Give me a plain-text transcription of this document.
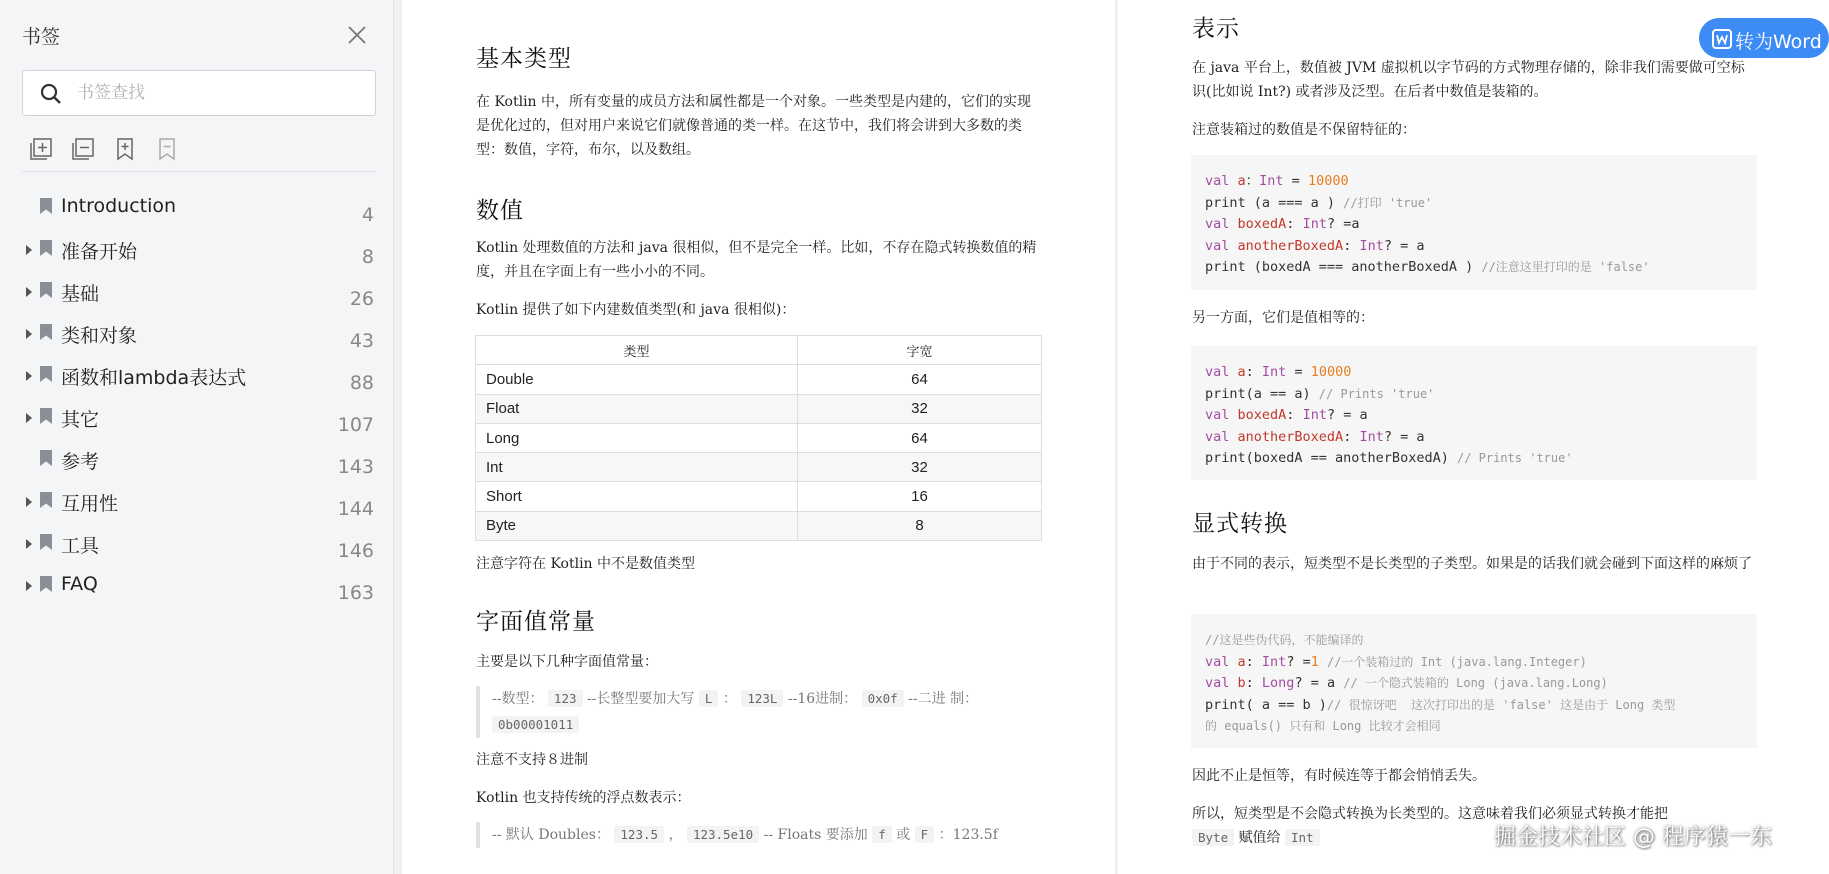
书签
书签查找
Introduction	4
准备开始	8
基础	26
类和对象	43
函数和lambda表达式	88
其它	107
参考	143
互用性	144
工具	146
FAQ	163
基本类型
在 Kotlin 中，所有变量的成员方法和属性都是一个对象。一些类型是内建的，它们的实现是优化过的，但对用户来说它们就像普通的类一样。在这节中，我们将会讲到大多数的类型：数值，字符，布尔，以及数组。
数值
Kotlin 处理数值的方法和 java 很相似，但不是完全一样。比如，不存在隐式转换数值的精度，并且在字面上有一些小小的不同。
Kotlin 提供了如下内建数值类型(和 java 很相似)：
类型	字宽
Double	64
Float	32
Long	64
Int	32
Short	16
Byte	8
注意字符在 Kotlin 中不是数值类型
字面值常量
主要是以下几种字面值常量：
--数型： 123 --长整型要加大写 L ： 123L --16进制： 0x0f --二进 制： 0b00001011
注意不支持８进制
Kotlin 也支持传统的浮点数表示：
-- 默认 Doubles： 123.5 ， 123.5e10 -- Floats 要添加 f 或 F ：123.5f
表示
在 java 平台上，数值被 JVM 虚拟机以字节码的方式物理存储的，除非我们需要做可空标识(比如说 Int?) 或者涉及泛型。在后者中数值是装箱的。
注意装箱过的数值是不保留特征的：
val a：Int = 10000
print (a === a ) //打印 'true'
val boxedA: Int? =a
val anotherBoxedA: Int? = a
print (boxedA === anotherBoxedA ) //注意这里打印的是 'false'
另一方面，它们是值相等的：
val a: Int = 10000
print(a == a) // Prints 'true'
val boxedA: Int? = a
val anotherBoxedA: Int? = a
print(boxedA == anotherBoxedA) // Prints 'true'
显式转换
由于不同的表示，短类型不是长类型的子类型。如果是的话我们就会碰到下面这样的麻烦了
//这是些伪代码，不能编译的
val a: Int? =1 //一个装箱过的 Int (java.lang.Integer)
val b: Long? = a // 一个隐式装箱的 Long (java.lang.Long)
print( a == b )// 很惊讶吧  这次打印出的是 'false' 这是由于 Long 类型
的 equals() 只有和 Long 比较才会相同
因此不止是恒等，有时候连等于都会悄悄丢失。
所以，短类型是不会隐式转换为长类型的。这意味着我们必须显式转换才能把
Byte 赋值给 Int
转为Word
掘金技术社区 @ 程序猿一东
